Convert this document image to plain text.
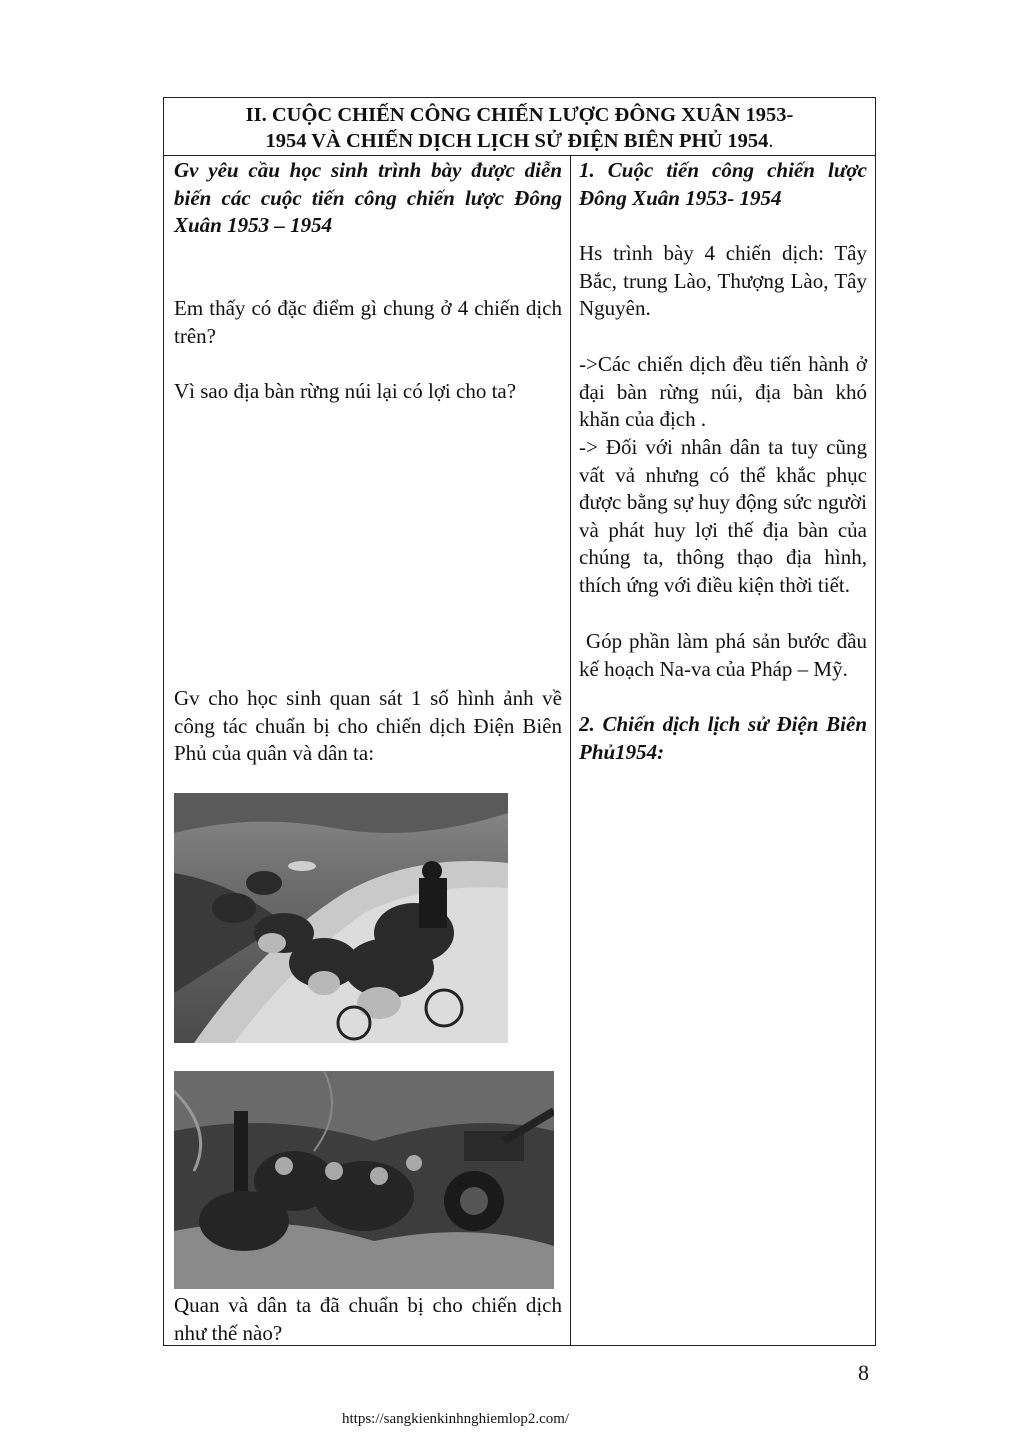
II. CUỘC CHIẾN CÔNG CHIẾN LƯỢC ĐÔNG XUÂN 1953-
1954 VÀ CHIẾN DỊCH LỊCH SỬ ĐIỆN BIÊN PHỦ 1954.
Gv yêu cầu học sinh trình bày được diễn biến các cuộc tiến công chiến lược Đông Xuân 1953 – 1954
Em thấy có đặc điểm gì chung ở 4 chiến dịch trên?
Vì sao địa bàn rừng núi lại có lợi cho ta?
Gv cho học sinh quan sát 1 số hình ảnh về công tác chuẩn bị cho chiến dịch Điện Biên Phủ của quân và dân ta:
Quan và dân ta đã chuẩn bị cho chiến dịch như thế nào?
1. Cuộc tiến công chiến lược Đông Xuân 1953- 1954
Hs trình bày 4 chiến dịch: Tây Bắc, trung Lào, Thượng Lào, Tây Nguyên.
->Các chiến dịch đều tiến hành ở đại bàn rừng núi, địa bàn khó khăn của địch .
-> Đối với nhân dân ta tuy cũng vất vả nhưng có thể khắc phục được bằng sự huy động sức người và phát huy lợi thế địa bàn của chúng ta, thông thạo địa hình, thích ứng với điều kiện thời tiết.
Góp phần làm phá sản bước đầu kế hoạch Na-va của Pháp – Mỹ.
2. Chiến dịch lịch sử Điện Biên Phủ1954:
8
https://sangkienkinhnghiemlop2.com/
